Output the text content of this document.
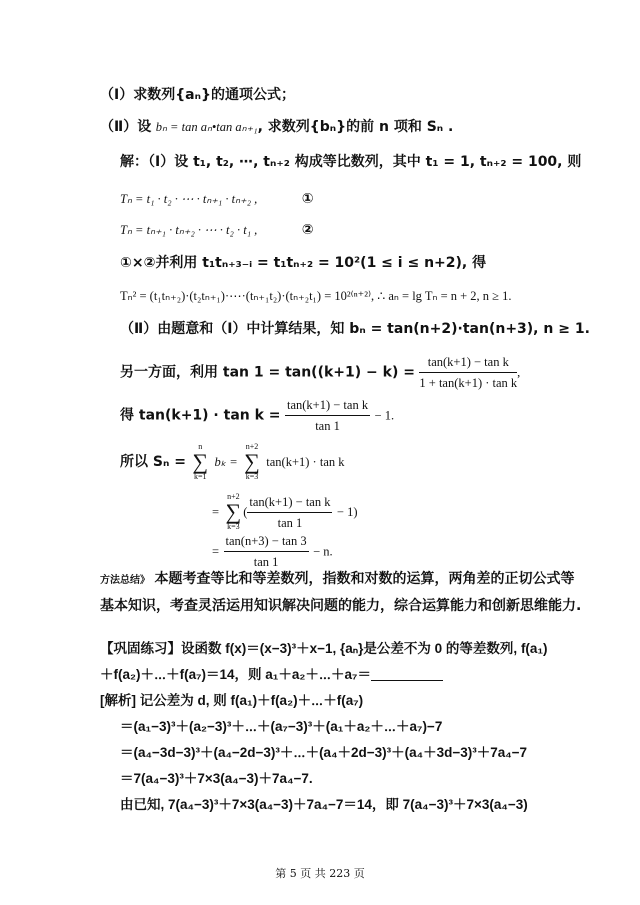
（Ⅰ）求数列{aₙ}的通项公式；
（Ⅱ）设 bₙ = tan aₙ•tan aₙ₊₁, 求数列{bₙ}的前 n 项和 Sₙ .
解：（Ⅰ）设 t₁, t₂, ⋯, tₙ₊₂ 构成等比数列，其中 t₁ = 1, tₙ₊₂ = 100, 则
Tₙ = t₁ · t₂ · ⋯ · tₙ₊₁ · tₙ₊₂ ,	①
Tₙ = tₙ₊₁ · tₙ₊₂ · ⋯ · t₂ · t₁ ,	②
①×②并利用 t₁tₙ₊₃₋ᵢ = t₁tₙ₊₂ = 10²(1 ≤ i ≤ n+2), 得
Tₙ² = (t₁tₙ₊₂)·(t₂tₙ₊₁)·⋯·(tₙ₊₁t₂)·(tₙ₊₂t₁) = 10²⁽ⁿ⁺²⁾, ∴ aₙ = lg Tₙ = n + 2, n ≥ 1.
（Ⅱ）由题意和（Ⅰ）中计算结果，知 bₙ = tan(n+2)·tan(n+3), n ≥ 1.
另一方面，利用 $\tan 1 = \tan((k+1) - k) = \frac{\text{tan(k+1) − tan k}}{\text{1 + tan(k+1) · tan k}}$ ,
得 $\tan(k+1) \cdot \tan k = \frac{\text{tan(k+1) − tan k}}{\tan 1} - 1$.
所以 Sₙ =
n
∑
k=1
bₖ =
n+2
∑
k=3
tan(k+1) · tan k
=
n+2
∑
k=3
( $\frac{\text{tan(k+1) − tan k}}{\tan 1} - 1$)
= $\frac{\tan(n+3) - \tan 3}{\tan 1} - n$.
方法总结》 本题考查等比和等差数列，指数和对数的运算，两角差的正切公式等
基本知识，考查灵活运用知识解决问题的能力，综合运算能力和创新思维能力.
【巩固练习】设函数 f(x)＝(x−3)³＋x−1, {aₙ}是公差不为 0 的等差数列, f(a₁)
＋f(a₂)＋⋯＋f(a₇)＝14，则 a₁＋a₂＋⋯＋a₇＝
[解析] 记公差为 d, 则 f(a₁)＋f(a₂)＋⋯＋f(a₇)
＝(a₁−3)³＋(a₂−3)³＋⋯＋(a₇−3)³＋(a₁＋a₂＋⋯＋a₇)−7
＝(a₄−3d−3)³＋(a₄−2d−3)³＋⋯＋(a₄＋2d−3)³＋(a₄＋3d−3)³＋7a₄−7
＝7(a₄−3)³＋7×3(a₄−3)＋7a₄−7.
由已知, 7(a₄−3)³＋7×3(a₄−3)＋7a₄−7＝14，即 7(a₄−3)³＋7×3(a₄−3)
第 5 页 共 223 页
